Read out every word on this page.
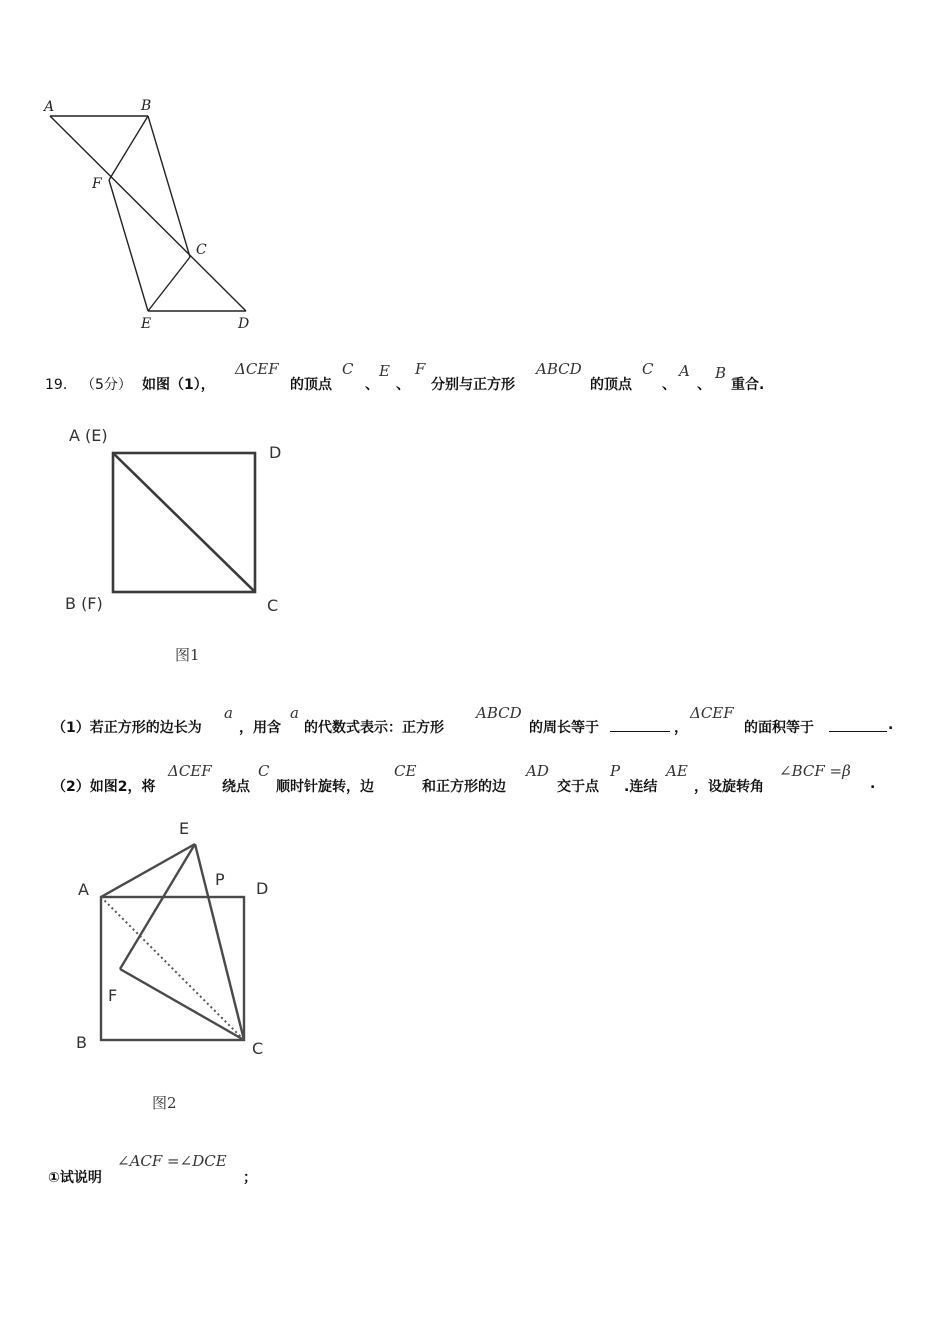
A	B
F
C
E	D
19． （5分） 如图（1），
ΔCEF
的顶点
C
、
E
、
F
分别与正方形
ABCD
的顶点
C
、
A
、
B
重合.
A (E)
D
B (F)	C
图1
（1）若正方形的边长为
a
，用含
a
的代数式表示：正方形
ABCD
的周长等于	，
ΔCEF
的面积等于	.
（2）如图2，将
ΔCEF
绕点
C
顺时针旋转，边
CE
和正方形的边
AD
交于点
P
.连结
AE
，设旋转角
∠BCF =β
.
E
P
A	D
F
B	C
图2
①试说明
∠ACF =∠DCE
；
